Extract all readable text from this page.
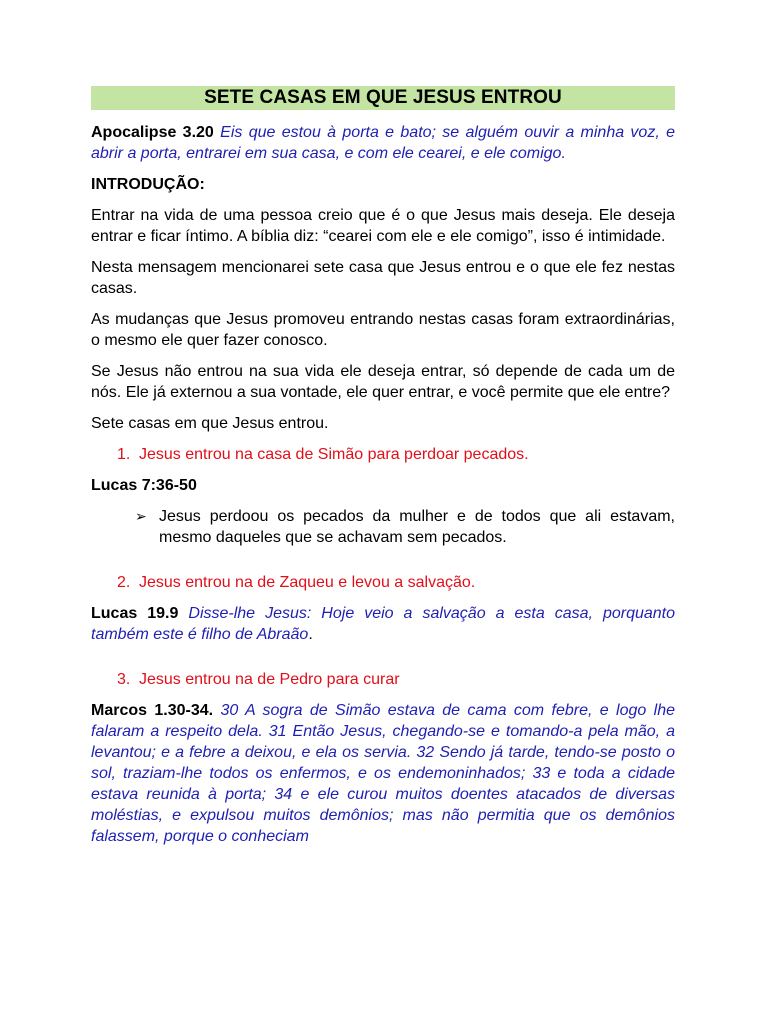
SETE CASAS EM QUE JESUS ENTROU

Apocalipse 3.20 Eis que estou à porta e bato; se alguém ouvir a minha voz, e abrir a porta, entrarei em sua casa, e com ele cearei, e ele comigo.

INTRODUÇÃO:

Entrar na vida de uma pessoa creio que é o que Jesus mais deseja. Ele deseja entrar e ficar íntimo. A bíblia diz: “cearei com ele e ele comigo”, isso é intimidade.

Nesta mensagem mencionarei sete casa que Jesus entrou e o que ele fez nestas casas.

As mudanças que Jesus promoveu entrando nestas casas foram extraordinárias, o mesmo ele quer fazer conosco.

Se Jesus não entrou na sua vida ele deseja entrar, só depende de cada um de nós. Ele já externou a sua vontade, ele quer entrar, e você permite que ele entre?

Sete casas em que Jesus entrou.

1. Jesus entrou na casa de Simão para perdoar pecados.
Lucas 7:36-50
➢ Jesus perdoou os pecados da mulher e de todos que ali estavam, mesmo daqueles que se achavam sem pecados.
2. Jesus entrou na de Zaqueu e levou a salvação.

Lucas 19.9 Disse-lhe Jesus: Hoje veio a salvação a esta casa, porquanto também este é filho de Abraão.

3. Jesus entrou na de Pedro para curar

Marcos 1.30-34. 30 A sogra de Simão estava de cama com febre, e logo lhe falaram a respeito dela. 31 Então Jesus, chegando-se e tomando-a pela mão, a levantou; e a febre a deixou, e ela os servia. 32 Sendo já tarde, tendo-se posto o sol, traziam-lhe todos os enfermos, e os endemoninhados; 33 e toda a cidade estava reunida à porta; 34 e ele curou muitos doentes atacados de diversas moléstias, e expulsou muitos demônios; mas não permitia que os demônios falassem, porque o conheciam
